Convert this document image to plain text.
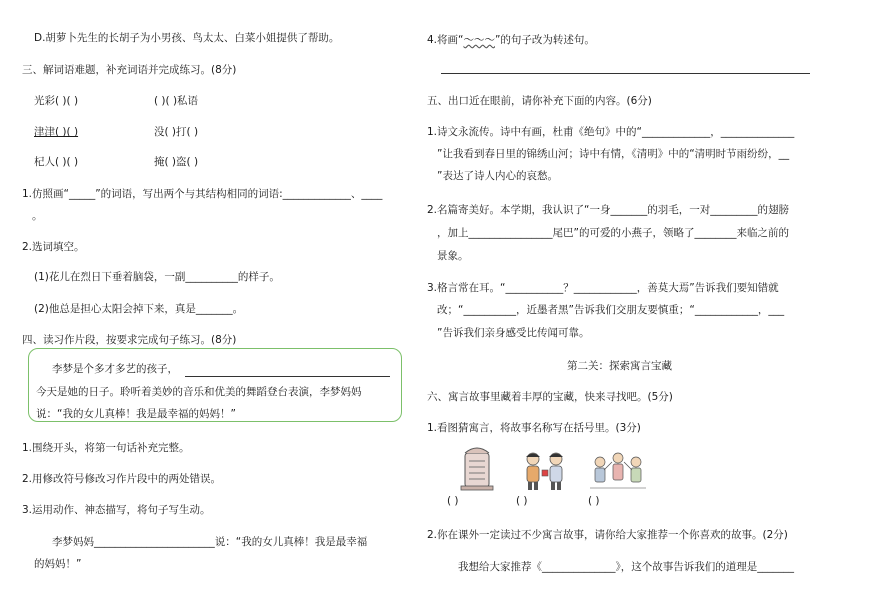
D.胡萝卜先生的长胡子为小男孩、鸟太太、白菜小姐提供了帮助。
三、解词语难题，补充词语并完成练习。(8分)
光彩( )( )	( )( )私语
津津( )( )	没( )打( )
杞人( )( )	掩( )盗( )
1.仿照画“_____”的词语，写出两个与其结构相同的词语:_____________、____
。
2.选词填空。
(1)花儿在烈日下垂着脑袋，一副__________的样子。
(2)他总是担心太阳会掉下来，真是_______。
四、读习作片段，按要求完成句子练习。(8分)
李梦是个多才多艺的孩子，
今天是她的日子。聆听着美妙的音乐和优美的舞蹈登台表演，李梦妈妈
说：“我的女儿真棒！我是最幸福的妈妈！”
1.围绕开头，将第一句话补充完整。
2.用修改符号修改习作片段中的两处错误。
3.运用动作、神态描写，将句子写生动。
李梦妈妈_______________________说：“我的女儿真棒！我是最幸福
的妈妈！”
4.将画“～～～”的句子改为转述句。
五、出口近在眼前，请你补充下面的内容。(6分)
1.诗文永流传。诗中有画，杜甫《绝句》中的“_____________，______________
”让我看到春日里的锦绣山河；诗中有情，《清明》中的“清明时节雨纷纷，__
”表达了诗人内心的哀愁。
2.名篇寄美好。本学期，我认识了“一身_______的羽毛，一对_________的翅膀
，加上________________尾巴”的可爱的小燕子，领略了________来临之前的
景象。
3.格言常在耳。“___________？____________，善莫大焉”告诉我们要知错就
改；“__________，近墨者黑”告诉我们交朋友要慎重；“____________，___
”告诉我们亲身感受比传闻可靠。
第二关：探索寓言宝藏
六、寓言故事里藏着丰厚的宝藏，快来寻找吧。(5分)
1.看图猜寓言，将故事名称写在括号里。(3分)
( )	( )	( )
2.你在课外一定读过不少寓言故事，请你给大家推荐一个你喜欢的故事。(2分)
我想给大家推荐《______________》，这个故事告诉我们的道理是_______
